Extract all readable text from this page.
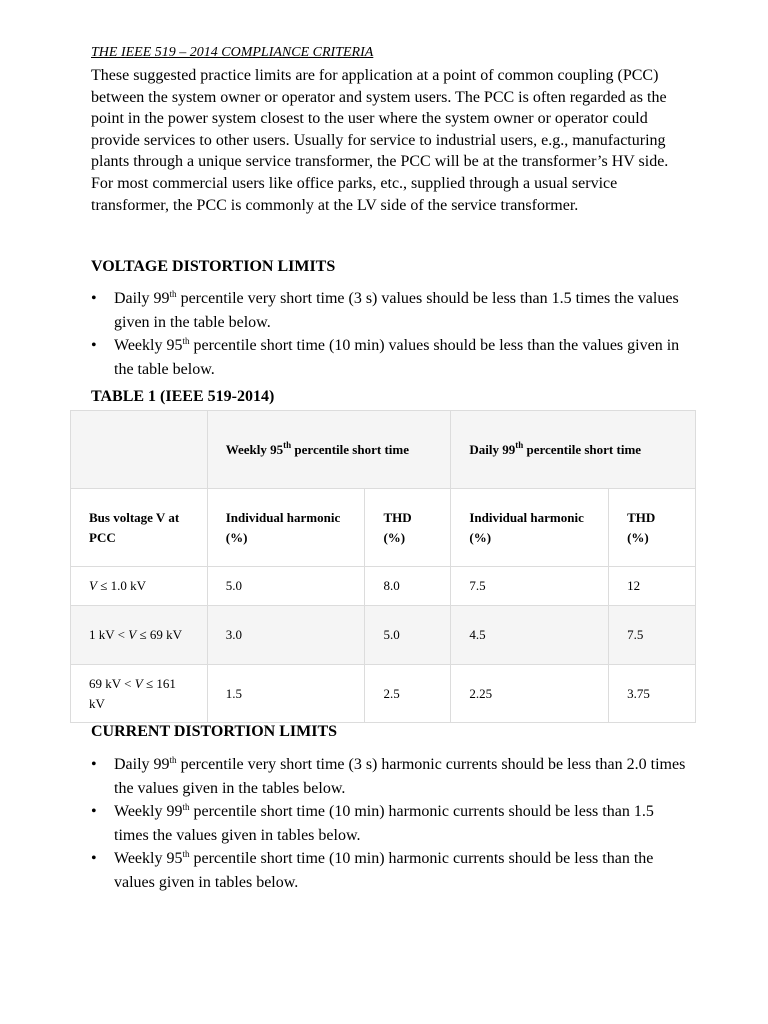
THE IEEE 519 – 2014 COMPLIANCE CRITERIA

These suggested practice limits are for application at a point of common coupling (PCC) between the system owner or operator and system users. The PCC is often regarded as the point in the power system closest to the user where the system owner or operator could provide services to other users. Usually for service to industrial users, e.g., manufacturing plants through a unique service transformer, the PCC will be at the transformer’s HV side. For most commercial users like office parks, etc., supplied through a usual service transformer, the PCC is commonly at the LV side of the service transformer.

VOLTAGE DISTORTION LIMITS
• Daily 99th percentile very short time (3 s) values should be less than 1.5 times the values given in the table below.
• Weekly 95th percentile short time (10 min) values should be less than the values given in the table below.
TABLE 1 (IEEE 519-2014)
	Weekly 95th percentile short time		Daily 99th percentile short time	
Bus voltage V at PCC	Individual harmonic (%)	THD (%)	Individual harmonic (%)	THD (%)
V ≤ 1.0 kV	5.0	8.0	7.5	12
1 kV < V ≤ 69 kV	3.0	5.0	4.5	7.5
69 kV < V ≤ 161 kV	1.5	2.5	2.25	3.75
CURRENT DISTORTION LIMITS
• Daily 99th percentile very short time (3 s) harmonic currents should be less than 2.0 times the values given in the tables below.
• Weekly 99th percentile short time (10 min) harmonic currents should be less than 1.5 times the values given in tables below.
• Weekly 95th percentile short time (10 min) harmonic currents should be less than the values given in tables below.
